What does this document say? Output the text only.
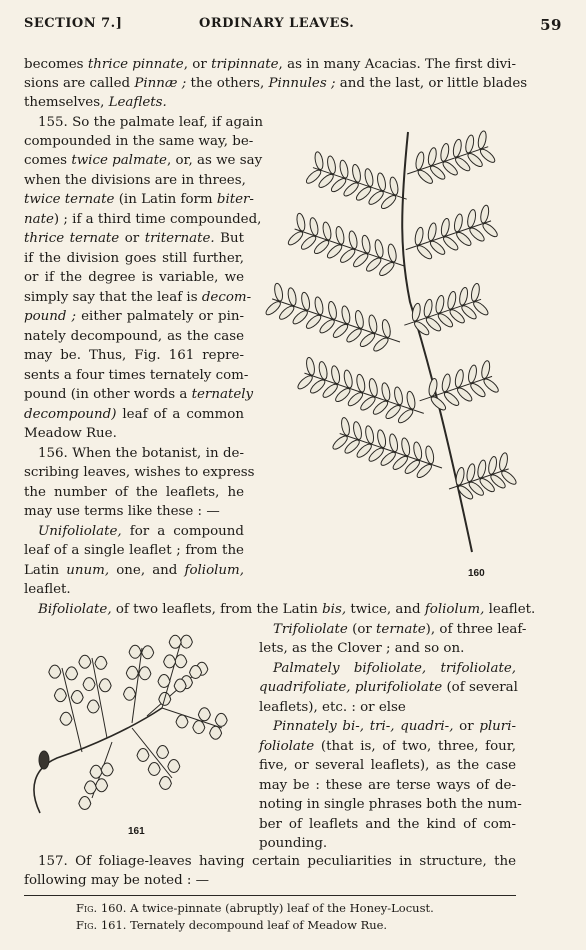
SECTION 7.]	ORDINARY LEAVES.	59
becomes thrice pinnate, or tripinnate, as in many Acacias. The first divi-
sions are called Pinnæ ; the others, Pinnules ; and the last, or little blades
themselves, Leaflets.
155. So the palmate leaf, if again
compounded in the same way, be-
comes twice palmate, or, as we say
when the divisions are in threes,
twice ternate (in Latin form biter-
nate) ; if a third time compounded,
thrice ternate or triternate. But
if the division goes still further,
or if the degree is variable, we
simply say that the leaf is decom-
pound ; either palmately or pin-
nately decompound, as the case
may be. Thus, Fig. 161 repre-
sents a four times ternately com-
pound (in other words a ternately
decompound) leaf of a common
Meadow Rue.
156. When the botanist, in de-
scribing leaves, wishes to express
the number of the leaflets, he
may use terms like these : —
Unifoliolate, for a compound
leaf of a single leaflet ; from the
Latin unum, one, and foliolum,
leaflet.
Bifoliolate, of two leaflets, from the Latin bis, twice, and foliolum, leaflet.
Trifoliolate (or ternate), of three leaf-
lets, as the Clover ; and so on.
Palmately bifoliolate, trifoliolate,
quadrifoliate, plurifoliolate (of several
leaflets), etc. : or else
Pinnately bi-, tri-, quadri-, or pluri-
foliolate (that is, of two, three, four,
five, or several leaflets), as the case
may be : these are terse ways of de-
noting in single phrases both the num-
ber of leaflets and the kind of com-
pounding.
157. Of foliage-leaves having certain peculiarities in structure, the
following may be noted : —
160
161
Fig. 160. A twice-pinnate (abruptly) leaf of the Honey-Locust.
Fig. 161. Ternately decompound leaf of Meadow Rue.
